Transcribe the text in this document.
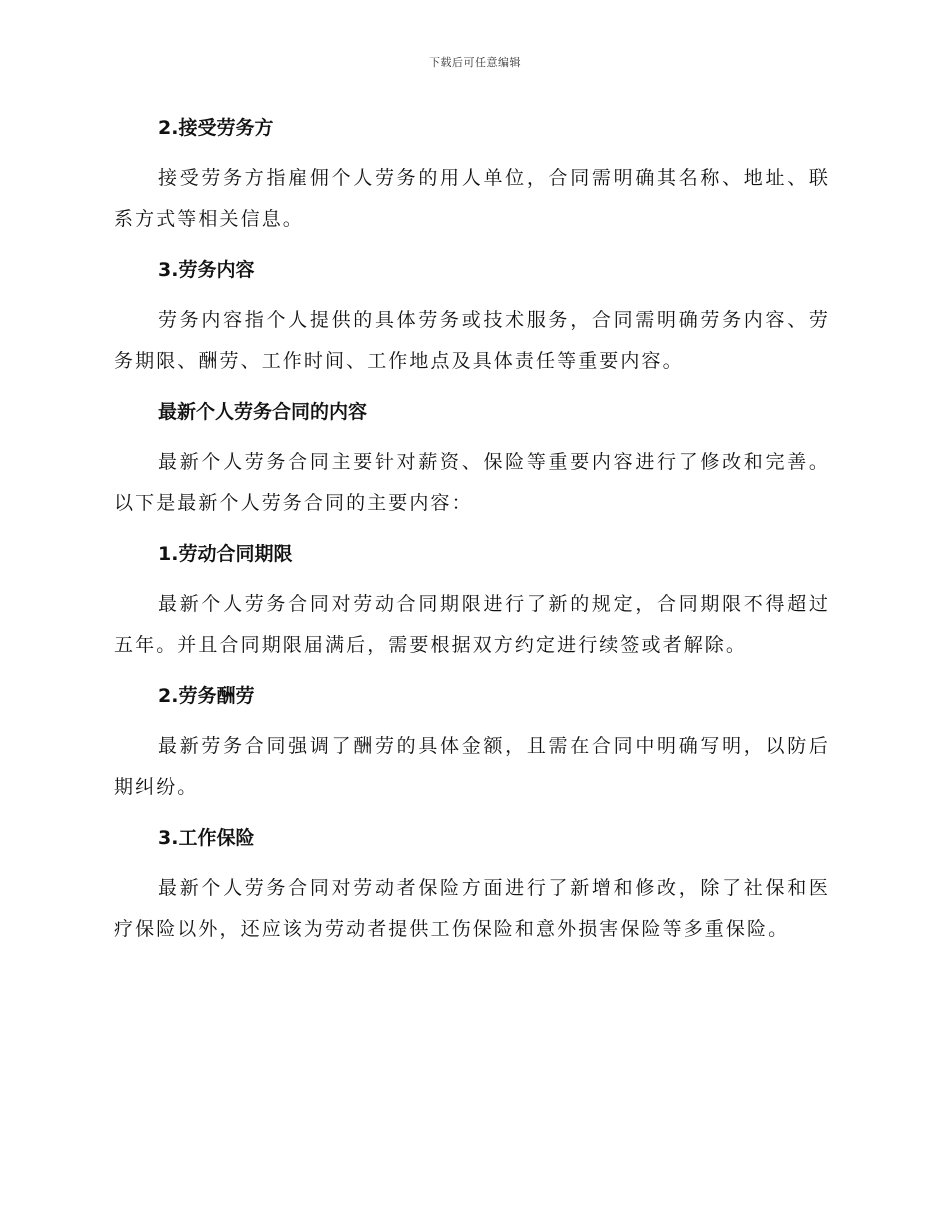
下载后可任意编辑
2.接受劳务方
接受劳务方指雇佣个人劳务的用人单位，合同需明确其名称、地址、联系方式等相关信息。
3.劳务内容
劳务内容指个人提供的具体劳务或技术服务，合同需明确劳务内容、劳务期限、酬劳、工作时间、工作地点及具体责任等重要内容。
最新个人劳务合同的内容
最新个人劳务合同主要针对薪资、保险等重要内容进行了修改和完善。以下是最新个人劳务合同的主要内容：
1.劳动合同期限
最新个人劳务合同对劳动合同期限进行了新的规定，合同期限不得超过五年。并且合同期限届满后，需要根据双方约定进行续签或者解除。
2.劳务酬劳
最新劳务合同强调了酬劳的具体金额，且需在合同中明确写明，以防后期纠纷。
3.工作保险
最新个人劳务合同对劳动者保险方面进行了新增和修改，除了社保和医疗保险以外，还应该为劳动者提供工伤保险和意外损害保险等多重保险。
